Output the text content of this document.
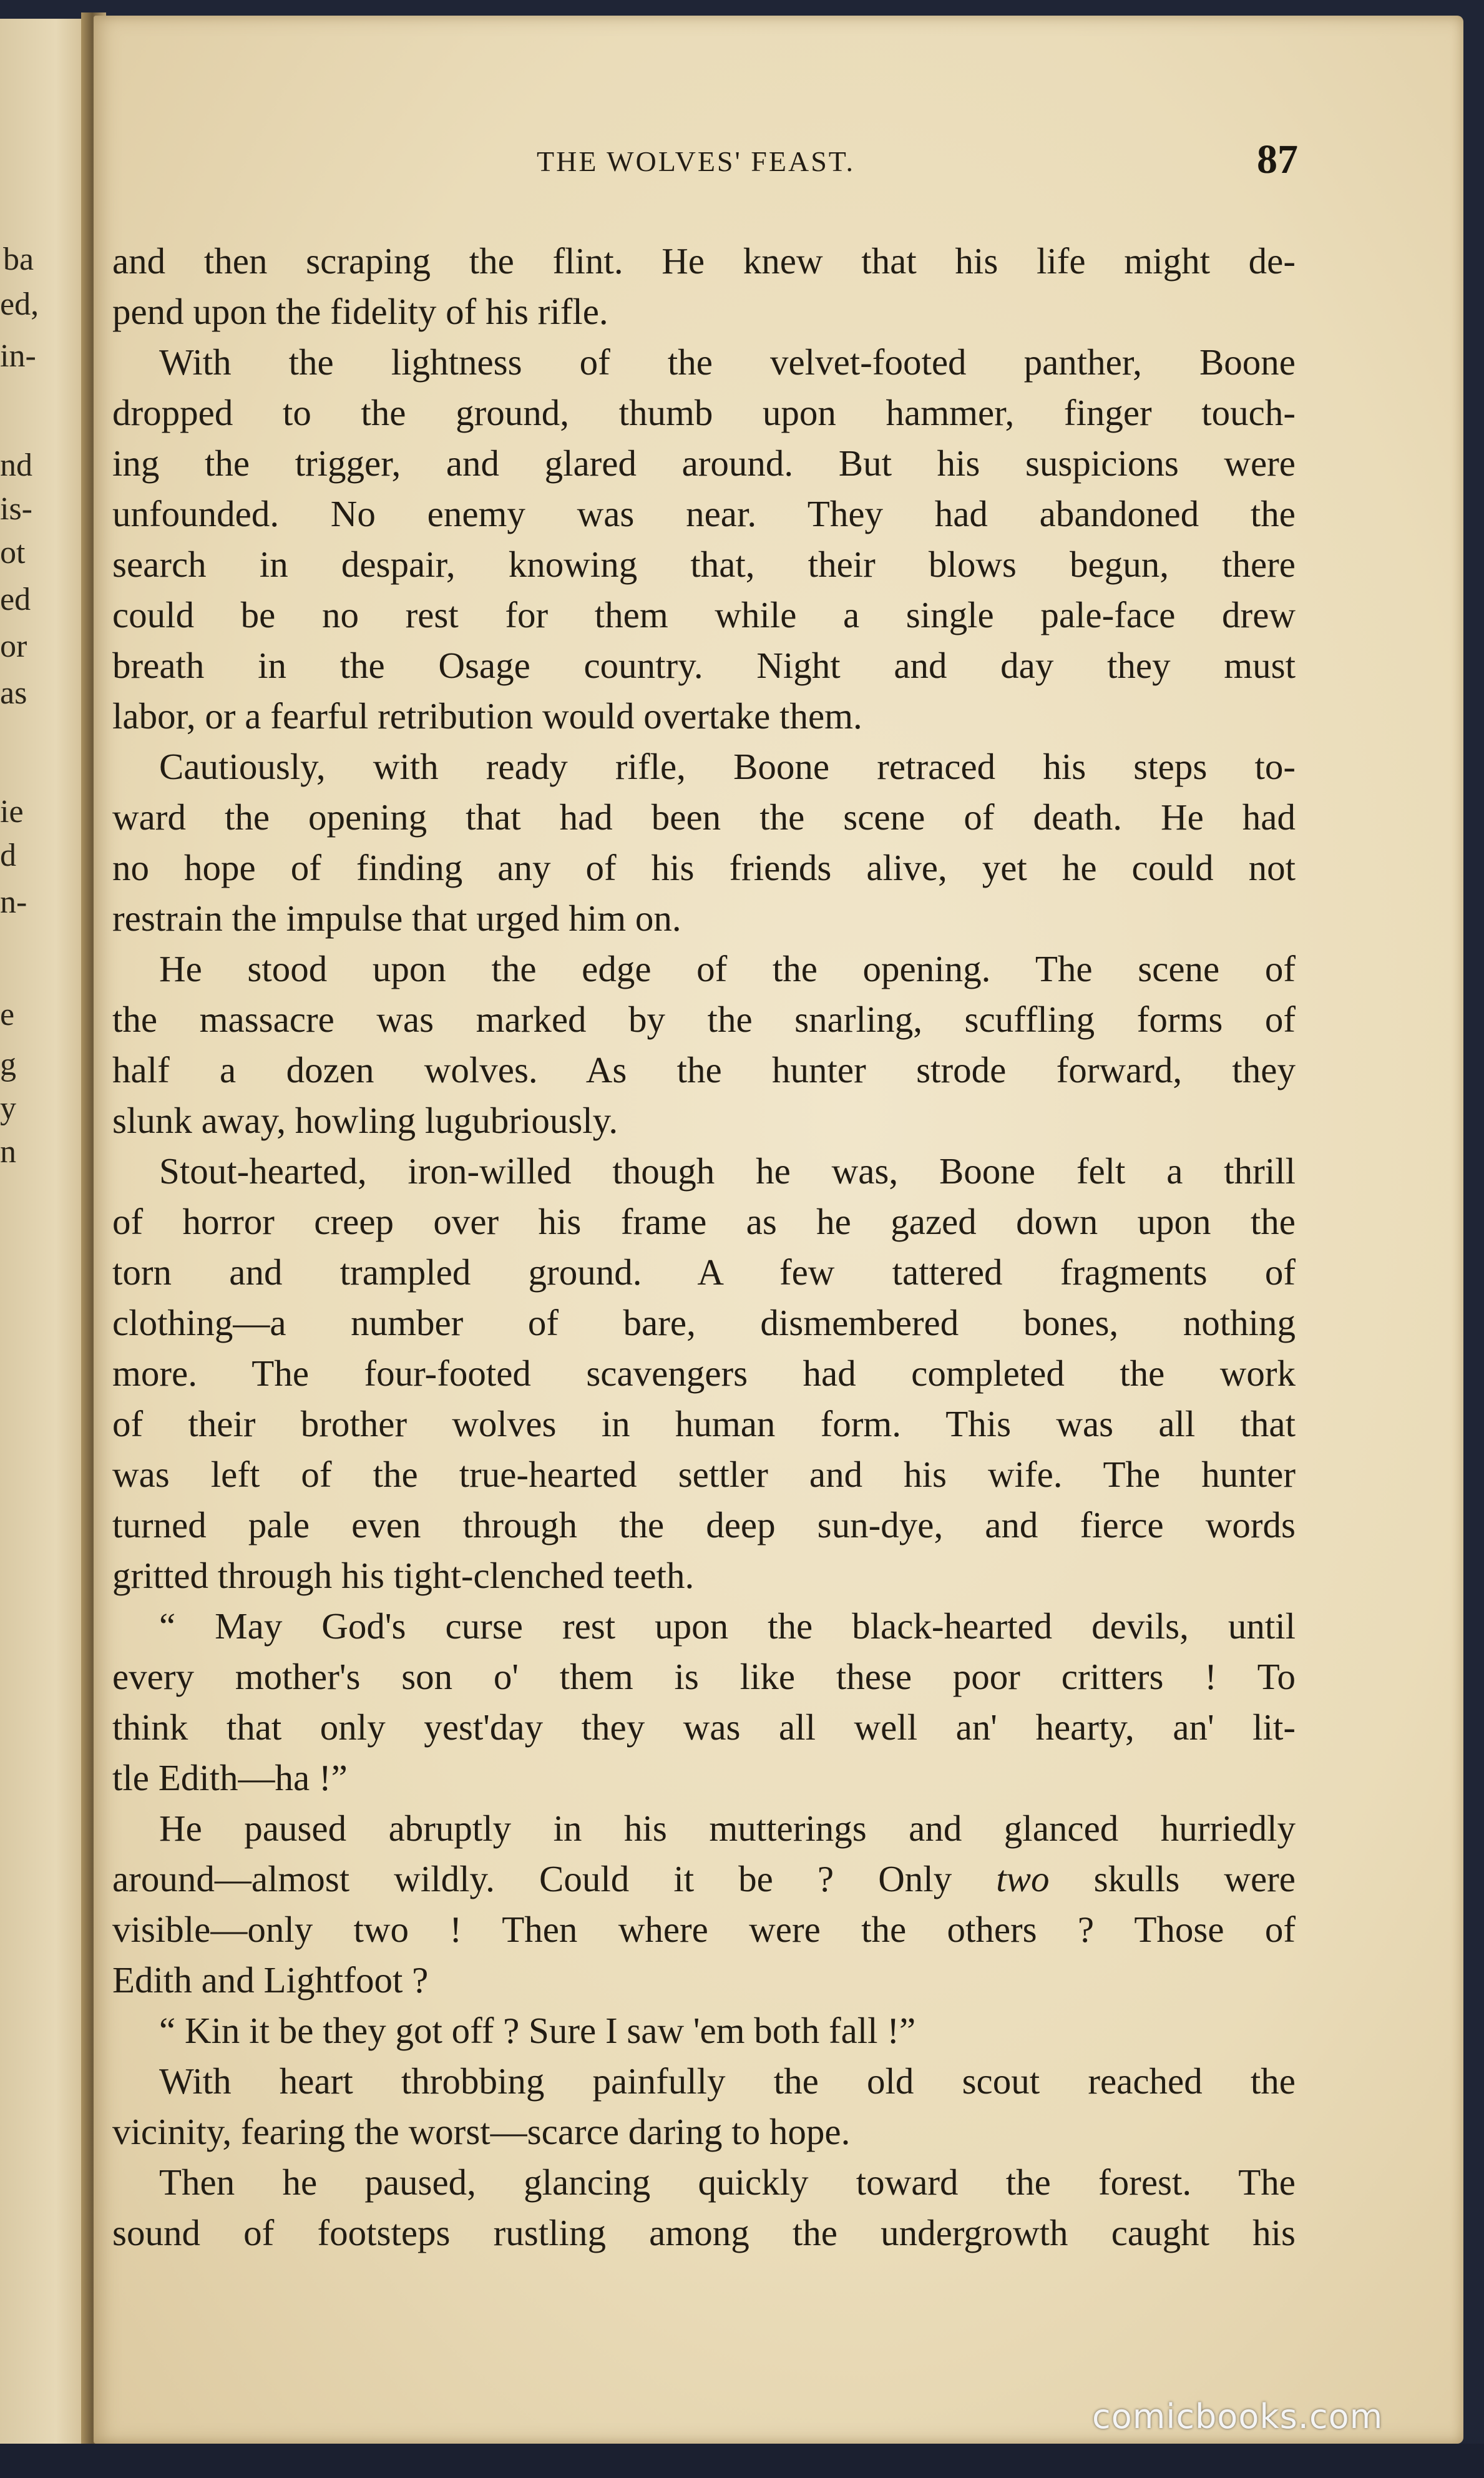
ba
ed,
in-
nd
is-
ot
ed
or
as
ie
d
n-
e
g
y
n
THE WOLVES' FEAST.	87
and then scraping the flint. He knew that his life might de-
pend upon the fidelity of his rifle.
With the lightness of the velvet-footed panther, Boone
dropped to the ground, thumb upon hammer, finger touch-
ing the trigger, and glared around. But his suspicions were
unfounded. No enemy was near. They had abandoned the
search in despair, knowing that, their blows begun, there
could be no rest for them while a single pale-face drew
breath in the Osage country. Night and day they must
labor, or a fearful retribution would overtake them.
Cautiously, with ready rifle, Boone retraced his steps to-
ward the opening that had been the scene of death. He had
no hope of finding any of his friends alive, yet he could not
restrain the impulse that urged him on.
He stood upon the edge of the opening. The scene of
the massacre was marked by the snarling, scuffling forms of
half a dozen wolves. As the hunter strode forward, they
slunk away, howling lugubriously.
Stout-hearted, iron-willed though he was, Boone felt a thrill
of horror creep over his frame as he gazed down upon the
torn and trampled ground. A few tattered fragments of
clothing—a number of bare, dismembered bones, nothing
more. The four-footed scavengers had completed the work
of their brother wolves in human form. This was all that
was left of the true-hearted settler and his wife. The hunter
turned pale even through the deep sun-dye, and fierce words
gritted through his tight-clenched teeth.
“ May God's curse rest upon the black-hearted devils, until
every mother's son o' them is like these poor critters ! To
think that only yest'day they was all well an' hearty, an' lit-
tle Edith—ha !”
He paused abruptly in his mutterings and glanced hurriedly
around—almost wildly. Could it be ? Only two skulls were
visible—only two ! Then where were the others ? Those of
Edith and Lightfoot ?
“ Kin it be they got off ? Sure I saw 'em both fall !”
With heart throbbing painfully the old scout reached the
vicinity, fearing the worst—scarce daring to hope.
Then he paused, glancing quickly toward the forest. The
sound of footsteps rustling among the undergrowth caught his
comicbooks.com
